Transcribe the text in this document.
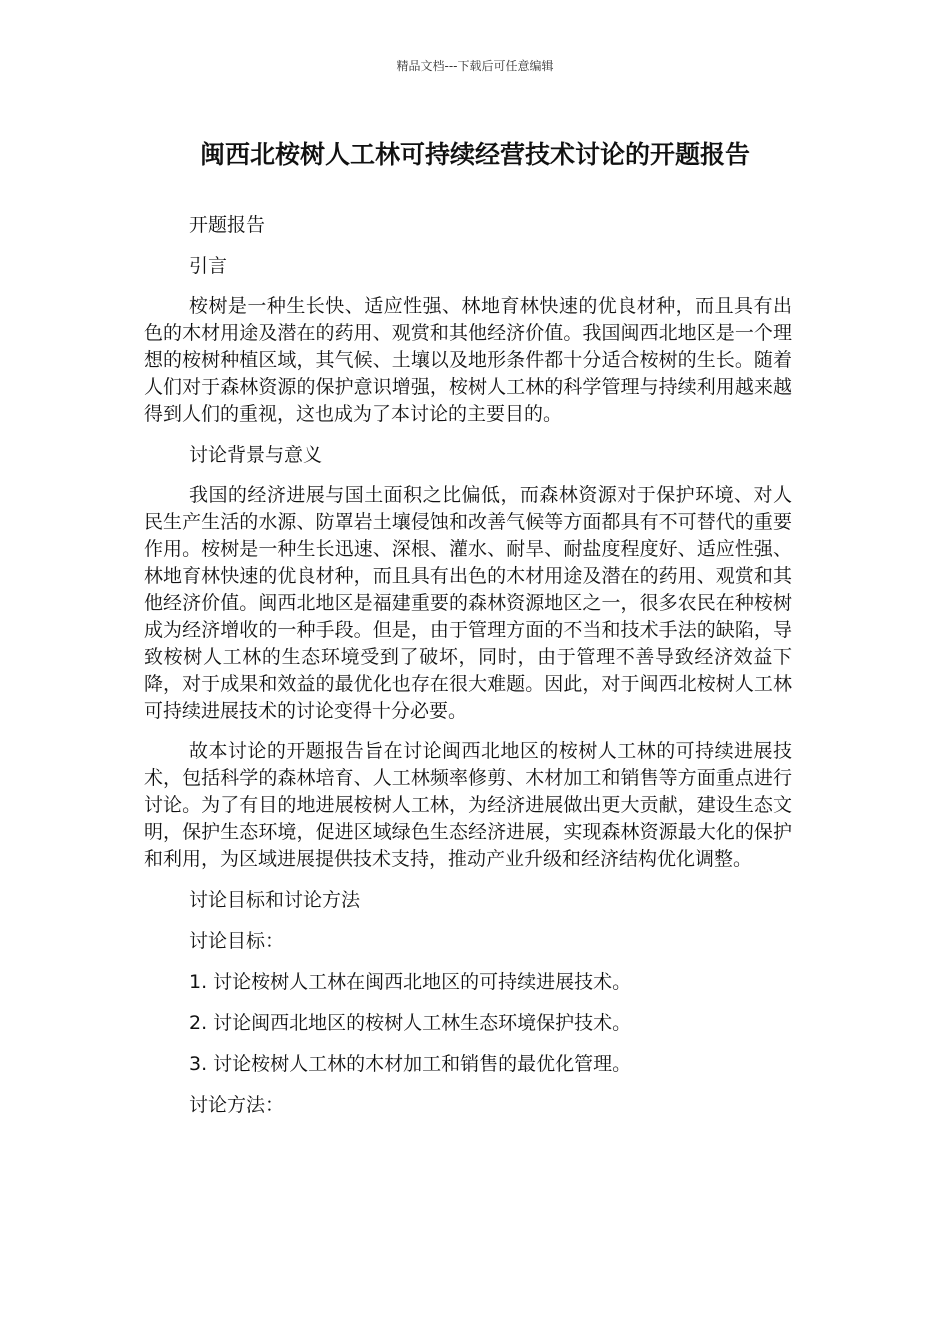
精品文档---下载后可任意编辑
闽西北桉树人工林可持续经营技术讨论的开题报告

开题报告

引言

桉树是一种生长快、适应性强、林地育林快速的优良材种，而且具有出色的木材用途及潜在的药用、观赏和其他经济价值。我国闽西北地区是一个理想的桉树种植区域，其气候、土壤以及地形条件都十分适合桉树的生长。随着人们对于森林资源的保护意识增强，桉树人工林的科学管理与持续利用越来越得到人们的重视，这也成为了本讨论的主要目的。

讨论背景与意义

我国的经济进展与国土面积之比偏低，而森林资源对于保护环境、对人民生产生活的水源、防罩岩土壤侵蚀和改善气候等方面都具有不可替代的重要作用。桉树是一种生长迅速、深根、灌水、耐旱、耐盐度程度好、适应性强、林地育林快速的优良材种，而且具有出色的木材用途及潜在的药用、观赏和其他经济价值。闽西北地区是福建重要的森林资源地区之一，很多农民在种桉树成为经济增收的一种手段。但是，由于管理方面的不当和技术手法的缺陷，导致桉树人工林的生态环境受到了破坏，同时，由于管理不善导致经济效益下降，对于成果和效益的最优化也存在很大难题。因此，对于闽西北桉树人工林可持续进展技术的讨论变得十分必要。

故本讨论的开题报告旨在讨论闽西北地区的桉树人工林的可持续进展技术，包括科学的森林培育、人工林频率修剪、木材加工和销售等方面重点进行讨论。为了有目的地进展桉树人工林，为经济进展做出更大贡献，建设生态文明，保护生态环境，促进区域绿色生态经济进展，实现森林资源最大化的保护和利用，为区域进展提供技术支持，推动产业升级和经济结构优化调整。

讨论目标和讨论方法

讨论目标：

1. 讨论桉树人工林在闽西北地区的可持续进展技术。

2. 讨论闽西北地区的桉树人工林生态环境保护技术。

3. 讨论桉树人工林的木材加工和销售的最优化管理。

讨论方法：
